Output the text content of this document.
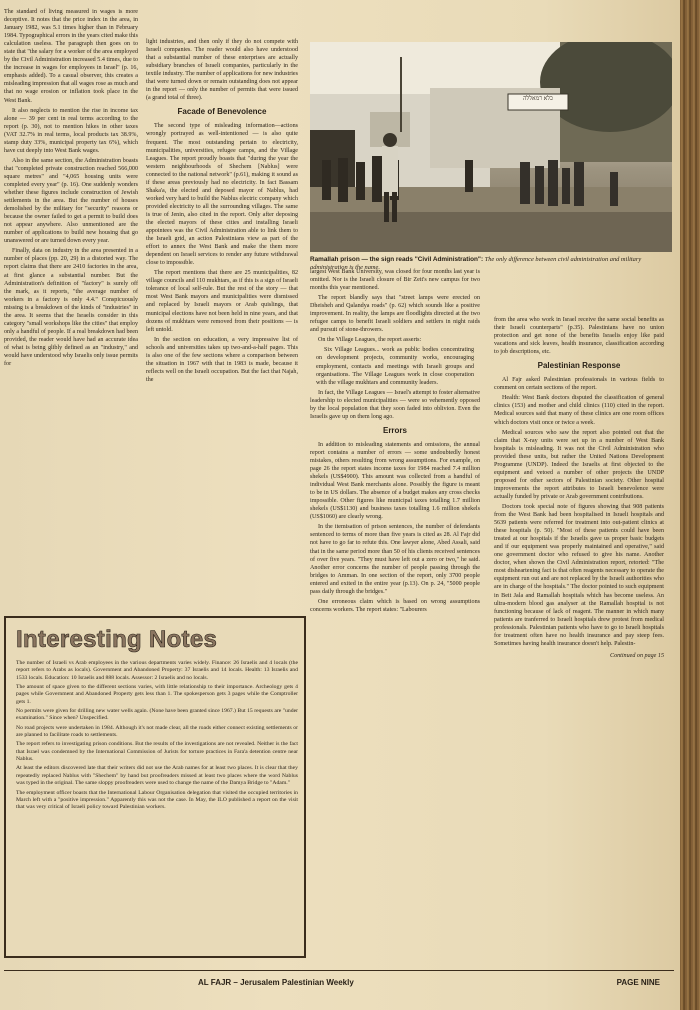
The standard of living measured in wages is more deceptive. It notes that the price index in the area, in January 1982, was 5.1 times higher than in February 1984. Typographical errors in the years cited make this calculation useless. The paragraph then goes on to state that "the salary for a worker of the area employed by the Civil Administration increased 5.4 times, due to the increase in wages for employees in Israel" (p. 16, emphasis added). To a casual observer, this creates a misleading impression that all wages rose as much and that no wage erosion or inflation took place in the West Bank.

It also neglects to mention the rise in income tax alone — 39 per cent in real terms according to the report (p. 30), not to mention hikes in other taxes (VAT 32.7% in real terms, local products tax 38.9%, stamp duty 33%, municipal property tax 6%), which have cut deeply into West Bank wages.

Also in the same section, the Administration boasts that "completed private construction reached 566,000 square metres" and "4,065 housing units were completed every year" (p. 16). One suddenly wonders whether these figures include construction of Jewish settlements in the area. But the number of houses demolished by the military for "security" reasons or because the owner failed to get a permit to build does not appear anywhere. Also unmentioned are the number of applications to build new housing that go unanswered or are turned down every year.

Finally, data on industry in the area presented in a number of places (pp. 20, 29) in a distorted way. The report claims that there are 2410 factories in the area, at first glance a substantial number. But the Administration's definition of "factory" is surely off the mark, as it reports, "the average number of workers in a factory is only 4.4." Conspicuously missing is a breakdown of the kinds of "industries" in the area. It seems that the Israelis consider in this category "small workshops like the cities" that employ only a handful of people. If a real breakdown had been provided, the reader would have had an accurate idea of what is being glibly defined as an "industry," and would have understood why Israelis only issue permits for

light industries, and then only if they do not compete with Israeli companies. The reader would also have understood that a substantial number of these enterprises are actually subsidiary branches of Israeli companies, particularly in the textile industry. The number of applications for new industries that were turned down or remain outstanding does not appear in the report — only the number of permits that were issued (a grand total of three).

Facade of Benevolence

The second type of misleading information—actions wrongly portrayed as well-intentioned — is also quite frequent. The most outstanding pertain to electricity, municipalities, universities, refugee camps, and the Village Leagues. The report proudly boasts that "during the year the western neighbourhoods of Shechem [Nablus] were connected to the national network" (p.61), making it sound as if these areas previously had no electricity. In fact Bassam Shaka'a, the elected and deposed mayor of Nablus, had worked very hard to build the Nablus electric company which provided electricity to all the surrounding villages. The same is true of Jenin, also cited in the report. Only after deposing the elected mayors of these cities and installing Israeli appointees was the Civil Administration able to link them to the Israeli grid, an action Palestinians view as part of the effort to annex the West Bank and make the them more dependent on Israeli services to render any future withdrawal close to impossible.

The report mentions that there are 25 municipalities, 82 village councils and 110 mukhtars, as if this is a sign of Israeli tolerance of local self-rule. But the rest of the story — that most West Bank mayors and municipalities were dismissed and replaced by Israeli mayors or Arab quislings, that municipal elections have not been held in nine years, and that dozens of mukhtars were removed from their positions — is left untold.

In the section on education, a very impressive list of schools and universities takes up two-and-a-half pages. This is also one of the few sections where a comparison between the situation in 1967 with that in 1983 is made, because it reflects well on the Israeli occupation. But the fact that Najah, the

כלא רמאללה
Ramallah prison — the sign reads "Civil Administration": The only difference between civil administration and military administration is the name.

largest West Bank University, was closed for four months last year is omitted. Nor is the Israeli closure of Bir Zeit's new campus for two months this year mentioned.

The report blandly says that "street lamps were erected on Dheisheh and Qalandya roads" (p. 62) which sounds like a positive improvement. In reality, the lamps are floodlights directed at the two refugee camps to benefit Israeli soldiers and settlers in night raids and pursuit of stone-throwers.

On the Village Leagues, the report asserts:

Six Village Leagues... work as public bodies concentrating on development projects, community works, encouraging employment, contacts and meetings with Israeli groups and organisations. The Village Leagues work in close cooperation with the village mukhtars and community leaders.

In fact, the Village Leagues — Israel's attempt to foster alternative leadership to elected municipalities — were so vehemently opposed by the local population that they soon faded into oblivion. Even the Israelis gave up on them long ago.

Errors

In addition to misleading statements and omissions, the annual report contains a number of errors — some undoubtedly honest mistakes, others resulting from wrong assumptions. For example, on page 26 the report states income taxes for 1984 reached 7.4 million shekels (US$4900). This amount was collected from a handful of individual West Bank merchants alone. Possibly the figure is meant to be in US dollars. The absence of a budget makes any cross checks impossible. Other figures like municipal taxes totalling 1.7 million shekels (US$1130) and business taxes totalling 1.6 million shekels (US$1060) are clearly wrong.

In the itemisation of prison sentences, the number of defendants sentenced to terms of more than five years is cited as 28. Al Fajr did not have to go far to refute this. One lawyer alone, Abed Assali, said that in the same period more than 50 of his clients received sentences of over five years. "They must have left out a zero or two," he said. Another error concerns the number of people passing through the bridges to Amman. In one section of the report, only 3700 people entered and exited in the entire year (p.13). On p. 24, "5000 people pass daily through the bridges."

One erroneous claim which is based on wrong assumptions concerns workers. The report states: "Labourers

from the area who work in Israel receive the same social benefits as their Israeli counterparts" (p.35). Palestinians have no union protection and get none of the benefits Israelis enjoy like paid vacations and sick leaves, health insurance, classification according to job descriptions, etc.

Palestinian Response

Al Fajr asked Palestinian professionals in various fields to comment on certain sections of the report.

Health: West Bank doctors disputed the classification of general clinics (153) and mother and child clinics (110) cited in the report. Medical sources said that many of these clinics are one room offices which doctors visit once or twice a week.

Medical sources who saw the report also pointed out that the claim that X-ray units were set up in a number of West Bank hospitals is misleading. It was not the Civil Administration who provided these units, but rather the United Nations Development Programme (UNDP). Indeed the Israelis at first objected to the equipment and vetoed a number of other projects the UNDP proposed for other sectors of Palestinian society. Other hospital improvements the report attributes to Israeli benevolence were actually funded by private or Arab government contributions.

Doctors took special note of figures showing that 908 patients from the West Bank had been hospitalised in Israeli hospitals and 5639 patients were referred for treatment into out-patient clinics at these hospitals (p. 50). "Most of these patients could have been treated at our hospitals if the Israelis gave us proper basic budgets and if our equipment was properly maintained and operative," said one government doctor who refused to give his name. Another doctor, when shown the Civil Administration report, retorted: "The most disheartening fact is that often reagents necessary to operate the equipment run out and are not replaced by the Israeli authorities who are in charge of the hospitals." The doctor pointed to such equipment in Beit Jala and Ramallah hospitals which has become useless. An ultra-modern blood gas analyser at the Ramallah hospital is not functioning because of lack of reagent. The manner in which many patients are tranferred to Israeli hospitals drew protest from medical professionals. Palestinian patients who have to go to Israeli hospitals for treatment often have no health insurance and pay steep fees. Sometimes having health insurance doesn't help. Palestin-

Continued on page 15
Interesting Notes
The number of Israeli vs Arab employees in the various departments varies widely. Finance: 26 Israelis and 4 locals (the report refers to Arabs as locals). Government and Abandoned Property: 37 Israelis and 14 locals. Health: 13 Israelis and 1533 locals. Education: 10 Israelis and 888 locals. Assessor: 2 Israelis and no locals.
The amount of space given to the different sections varies, with little relationship to their importance. Archeology gets 4 pages while Government and Abandoned Property gets less than 1. The spokesperson gets 3 pages while the Comptroller gets 1.
No permits were given for drilling new water wells again. (None have been granted since 1967.) But 15 requests are "under examination." Since when? Unspecified.
No road projects were undertaken in 1984. Although it's not made clear, all the roads either connect existing settlements or are planned to facilitate roads to settlements.
The report refers to investigating prison conditions. But the results of the investigations are not revealed. Neither is the fact that Israel was condemned by the International Commission of Jurists for torture practices in Fara'a detention centre near Nablus.
At least the editors discovered late that their writers did not use the Arab names for at least two places. It is clear that they repeatedly replaced Nablus with "Shechem" by hand but proofreaders missed at least two places where the word Nablus was typed in the original. The same sloppy proofreaders were used to change the name of the Damya Bridge to "Adam."
The employment officer boasts that the International Labour Organisation delegation that visited the occupied territories in March left with a "positive impression." Apparently this was not the case. In May, the ILO published a report on the visit that was very critical of Israeli policy toward Palestinian workers.
AL FAJR – Jerusalem Palestinian Weekly	PAGE NINE
